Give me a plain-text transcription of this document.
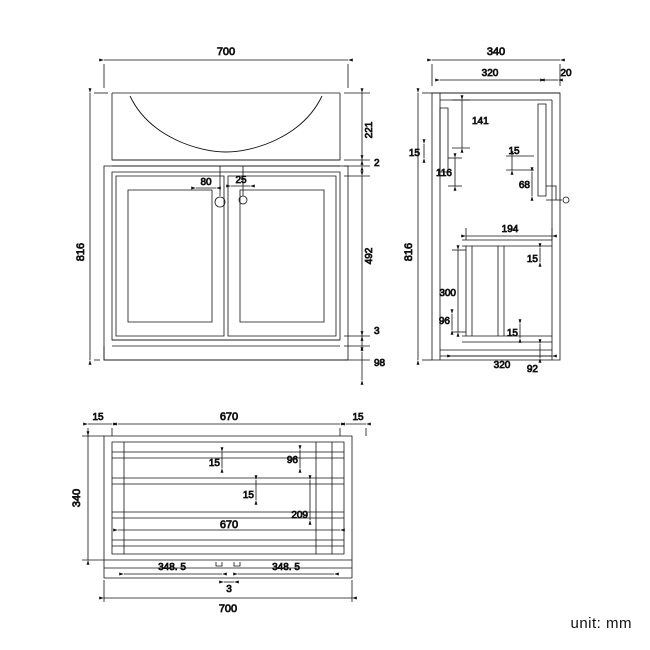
700
816
221
2
492
3
98
80 25
340
320	20
141
15
116
15
68
816
194
15
300
96
15
320 92
15	670	15
340
15	96
15
209
670
348. 5	348. 5
3
700
unit: mm
